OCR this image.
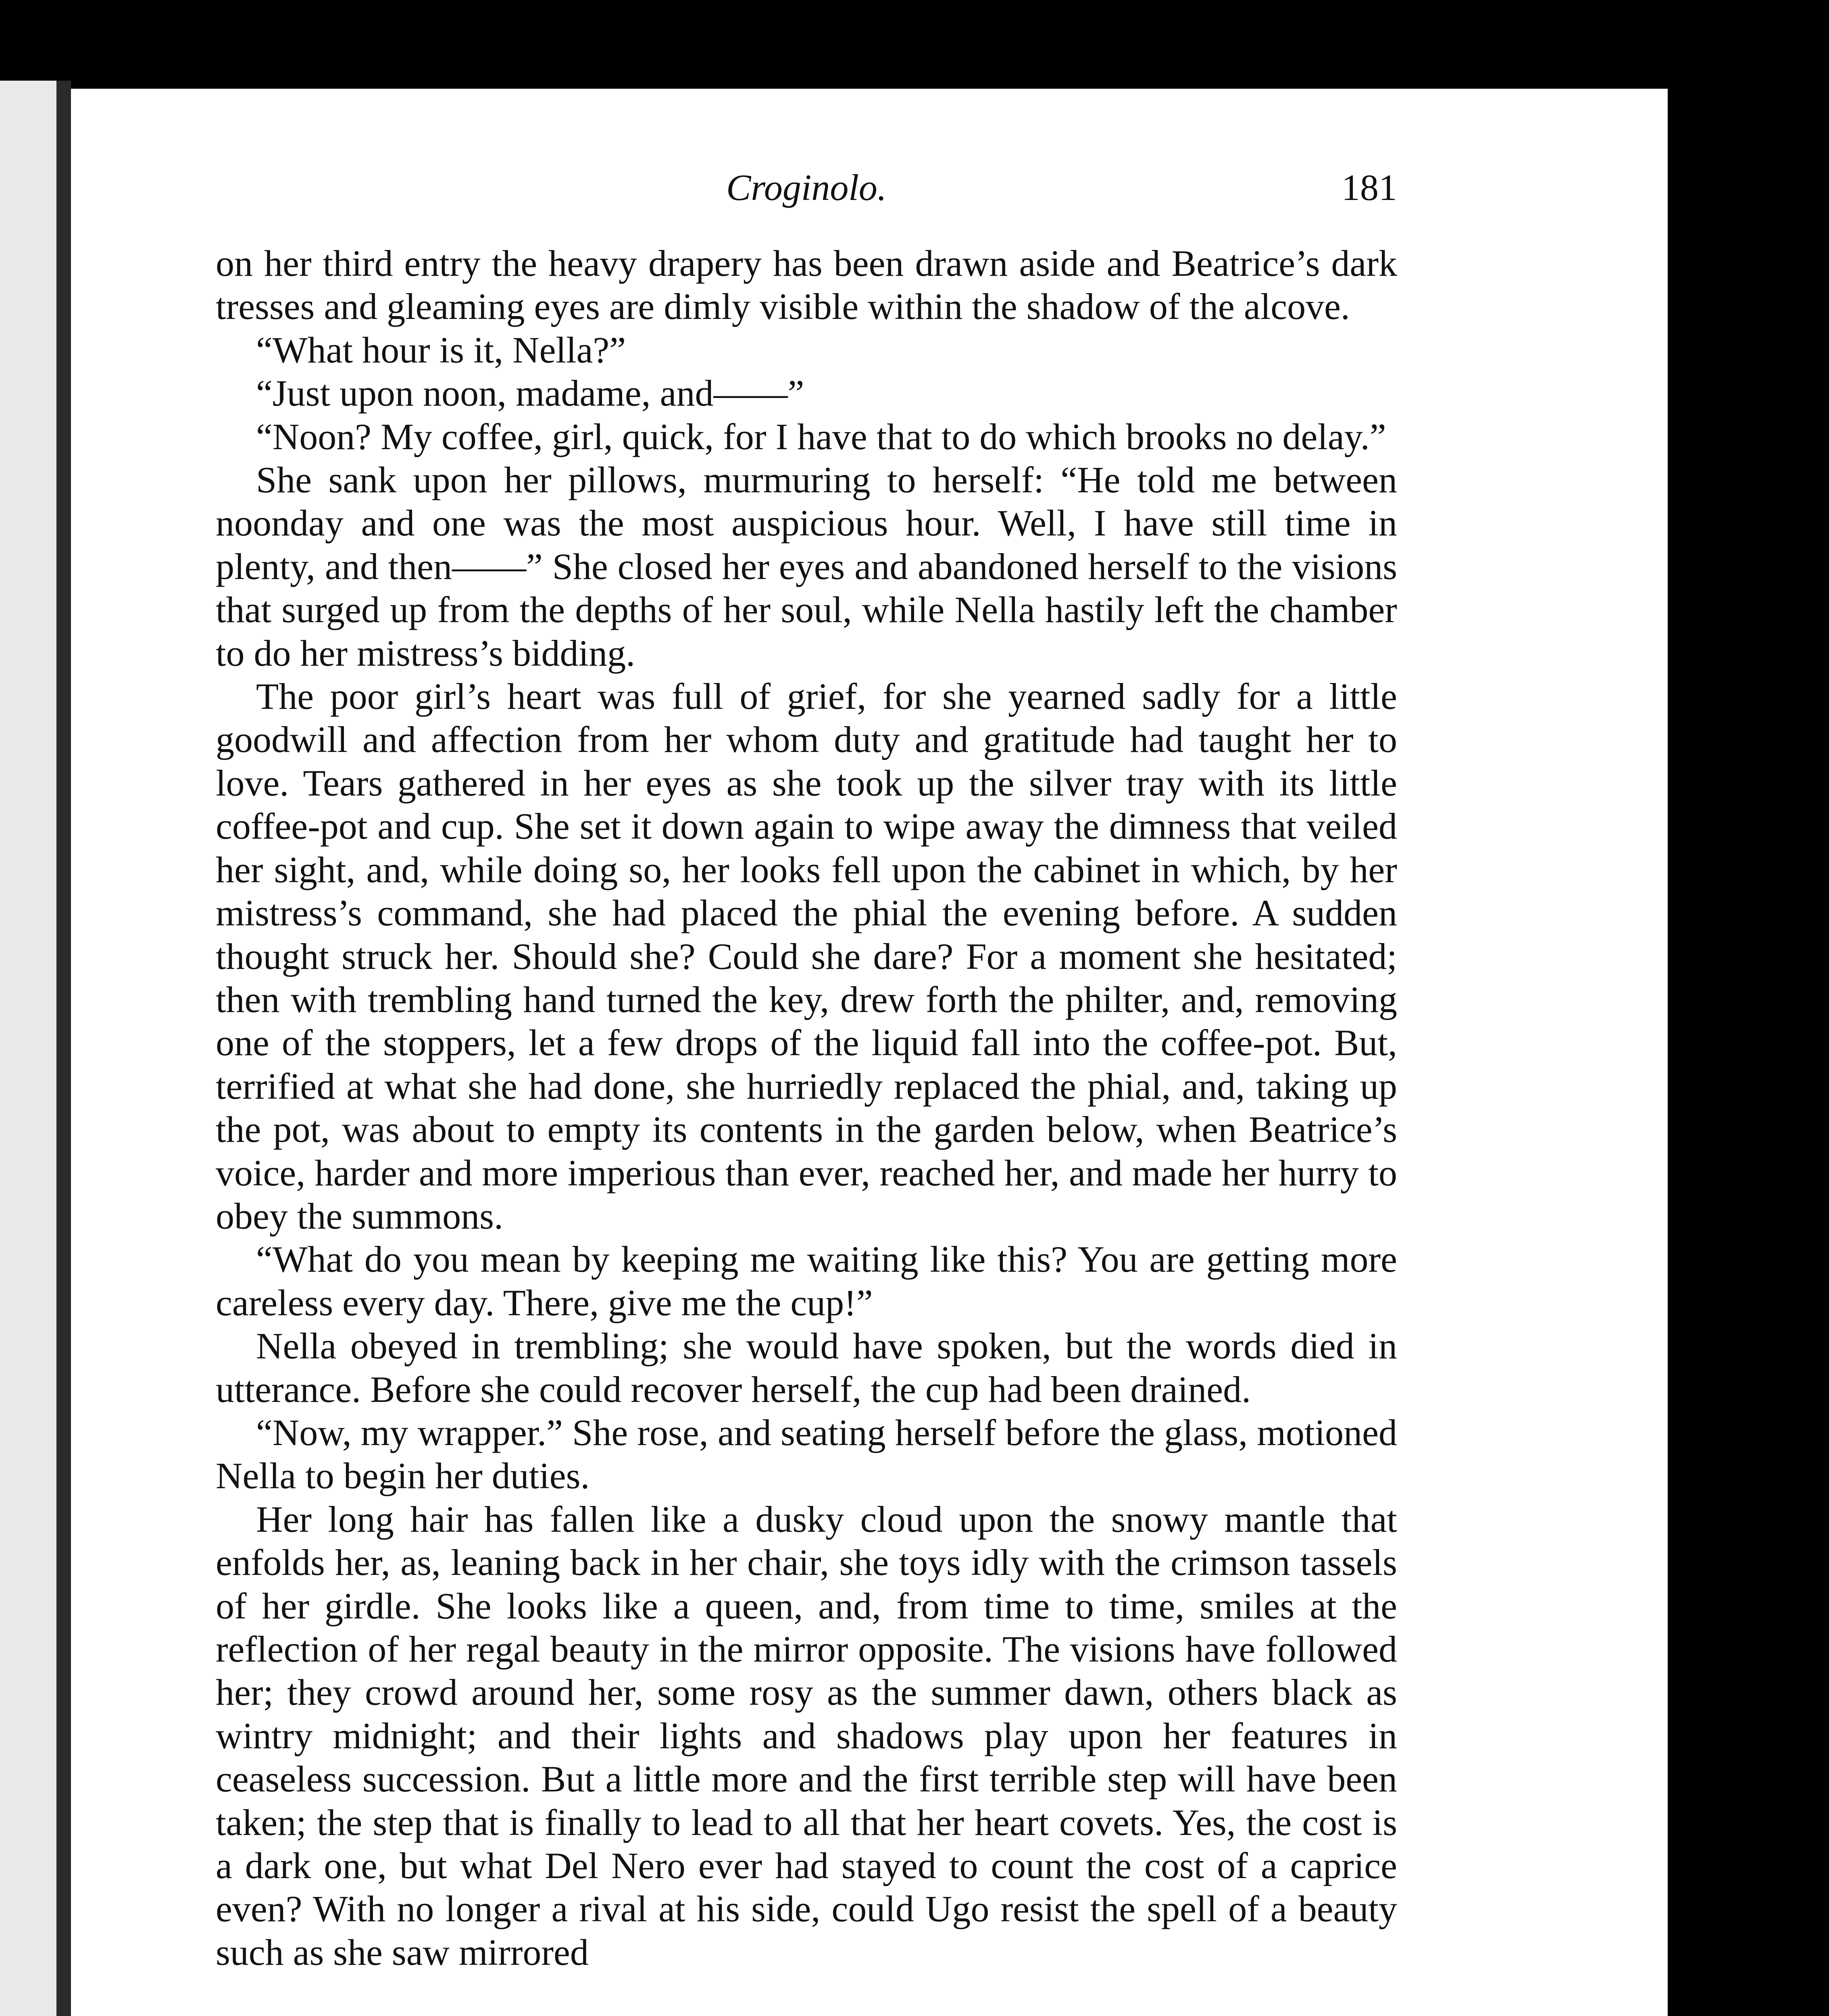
Croginolo.	181

on her third entry the heavy drapery has been drawn aside and Beatrice’s dark tresses and gleaming eyes are dimly visible within the shadow of the alcove.

“What hour is it, Nella?”

“Just upon noon, madame, and——”

“Noon? My coffee, girl, quick, for I have that to do which brooks no delay.”

She sank upon her pillows, murmuring to herself: “He told me between noonday and one was the most auspicious hour. Well, I have still time in plenty, and then——” She closed her eyes and abandoned herself to the visions that surged up from the depths of her soul, while Nella hastily left the chamber to do her mistress’s bidding.

The poor girl’s heart was full of grief, for she yearned sadly for a little goodwill and affection from her whom duty and gratitude had taught her to love. Tears gathered in her eyes as she took up the silver tray with its little coffee-pot and cup. She set it down again to wipe away the dimness that veiled her sight, and, while doing so, her looks fell upon the cabinet in which, by her mistress’s command, she had placed the phial the evening before. A sudden thought struck her. Should she? Could she dare? For a moment she hesitated; then with trembling hand turned the key, drew forth the philter, and, removing one of the stoppers, let a few drops of the liquid fall into the coffee-pot. But, terrified at what she had done, she hurriedly replaced the phial, and, taking up the pot, was about to empty its contents in the garden below, when Beatrice’s voice, harder and more imperious than ever, reached her, and made her hurry to obey the summons.

“What do you mean by keeping me waiting like this? You are getting more careless every day. There, give me the cup!”

Nella obeyed in trembling; she would have spoken, but the words died in utterance. Before she could recover herself, the cup had been drained.

“Now, my wrapper.” She rose, and seating herself before the glass, motioned Nella to begin her duties.

Her long hair has fallen like a dusky cloud upon the snowy mantle that enfolds her, as, leaning back in her chair, she toys idly with the crimson tassels of her girdle. She looks like a queen, and, from time to time, smiles at the reflection of her regal beauty in the mirror opposite. The visions have followed her; they crowd around her, some rosy as the summer dawn, others black as wintry midnight; and their lights and shadows play upon her features in ceaseless succession. But a little more and the first terrible step will have been taken; the step that is finally to lead to all that her heart covets. Yes, the cost is a dark one, but what Del Nero ever had stayed to count the cost of a caprice even? With no longer a rival at his side, could Ugo resist the spell of a beauty such as she saw mirrored
